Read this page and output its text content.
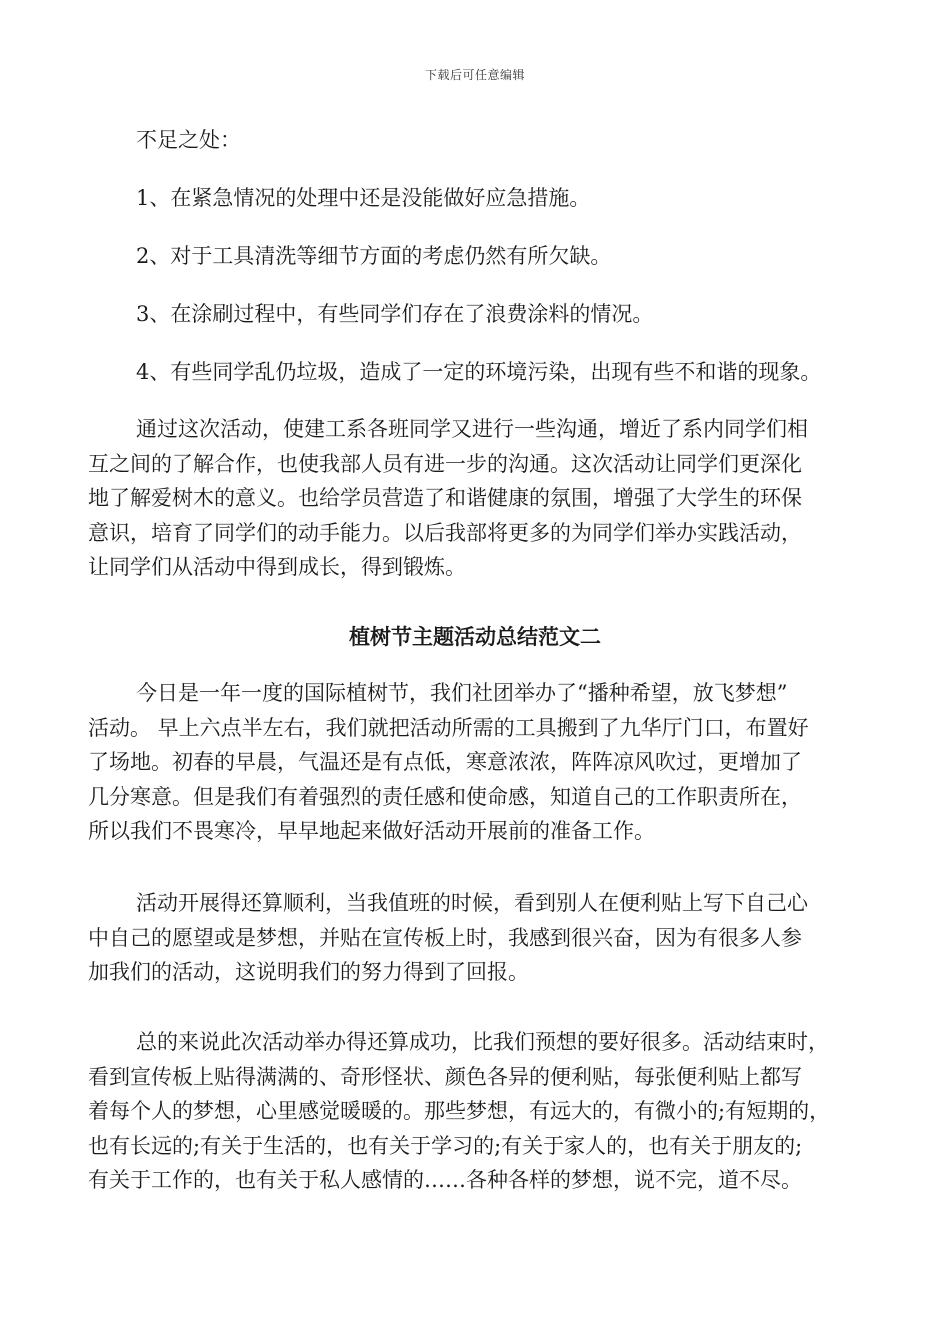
下载后可任意编辑

不足之处：

1、在紧急情况的处理中还是没能做好应急措施。

2、对于工具清洗等细节方面的考虑仍然有所欠缺。

3、在涂刷过程中，有些同学们存在了浪费涂料的情况。

4、有些同学乱仍垃圾，造成了一定的环境污染，出现有些不和谐的现象。

通过这次活动，使建工系各班同学又进行一些沟通，增近了系内同学们相
互之间的了解合作，也使我部人员有进一步的沟通。这次活动让同学们更深化
地了解爱树木的意义。也给学员营造了和谐健康的氛围，增强了大学生的环保
意识，培育了同学们的动手能力。以后我部将更多的为同学们举办实践活动，
让同学们从活动中得到成长，得到锻炼。

植树节主题活动总结范文二

今日是一年一度的国际植树节，我们社团举办了“播种希望，放飞梦想”
活动。 早上六点半左右，我们就把活动所需的工具搬到了九华厅门口，布置好
了场地。初春的早晨，气温还是有点低，寒意浓浓，阵阵凉风吹过，更增加了
几分寒意。但是我们有着强烈的责任感和使命感，知道自己的工作职责所在，
所以我们不畏寒冷，早早地起来做好活动开展前的准备工作。

活动开展得还算顺利，当我值班的时候，看到别人在便利贴上写下自己心
中自己的愿望或是梦想，并贴在宣传板上时，我感到很兴奋，因为有很多人参
加我们的活动，这说明我们的努力得到了回报。

总的来说此次活动举办得还算成功，比我们预想的要好很多。活动结束时，
看到宣传板上贴得满满的、奇形怪状、颜色各异的便利贴，每张便利贴上都写
着每个人的梦想，心里感觉暖暖的。那些梦想，有远大的，有微小的;有短期的，
也有长远的;有关于生活的，也有关于学习的;有关于家人的，也有关于朋友的;
有关于工作的，也有关于私人感情的……各种各样的梦想，说不完，道不尽。
